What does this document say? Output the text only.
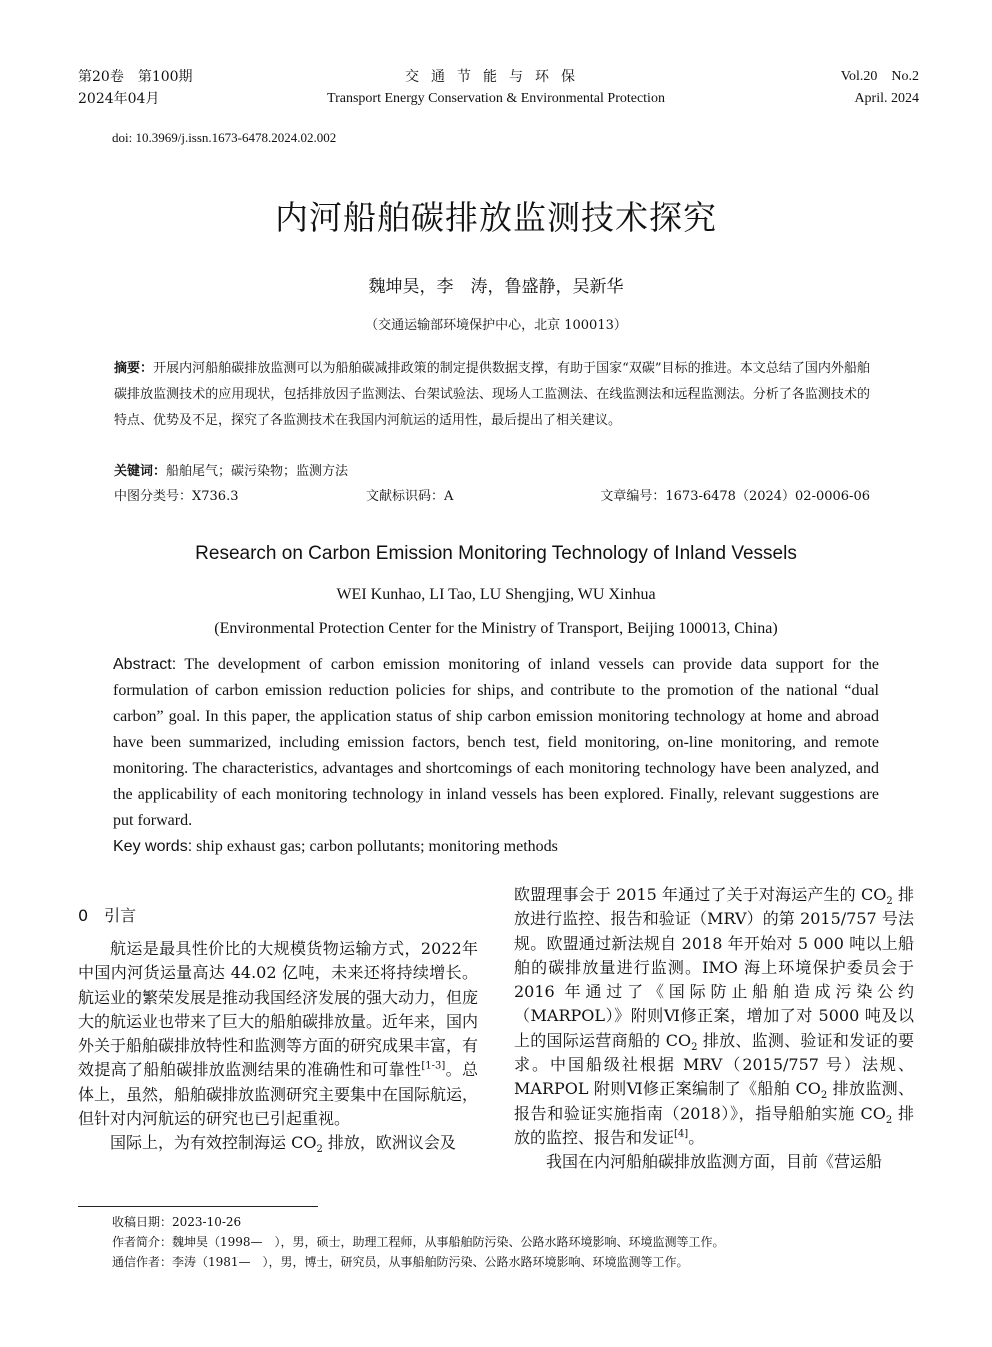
第20卷　第100期
2024年04月
交通节能与环保
Transport Energy Conservation & Environmental Protection
Vol.20　No.2
April. 2024
doi: 10.3969/j.issn.1673-6478.2024.02.002
内河船舶碳排放监测技术探究
魏坤昊，李　涛，鲁盛静，吴新华
（交通运输部环境保护中心，北京 100013）
摘要：开展内河船舶碳排放监测可以为船舶碳减排政策的制定提供数据支撑，有助于国家“双碳”目标的推进。本文总结了国内外船舶碳排放监测技术的应用现状，包括排放因子监测法、台架试验法、现场人工监测法、在线监测法和远程监测法。分析了各监测技术的特点、优势及不足，探究了各监测技术在我国内河航运的适用性，最后提出了相关建议。
关键词：船舶尾气；碳污染物；监测方法
中图分类号：X736.3	文献标识码：A	文章编号：1673-6478（2024）02-0006-06
Research on Carbon Emission Monitoring Technology of Inland Vessels
WEI Kunhao, LI Tao, LU Shengjing, WU Xinhua
(Environmental Protection Center for the Ministry of Transport, Beijing 100013, China)
Abstract: The development of carbon emission monitoring of inland vessels can provide data support for the formulation of carbon emission reduction policies for ships, and contribute to the promotion of the national “dual carbon” goal. In this paper, the application status of ship carbon emission monitoring technology at home and abroad have been summarized, including emission factors, bench test, field monitoring, on-line monitoring, and remote monitoring. The characteristics, advantages and shortcomings of each monitoring technology have been analyzed, and the applicability of each monitoring technology in inland vessels has been explored. Finally, relevant suggestions are put forward.
Key words: ship exhaust gas; carbon pollutants; monitoring methods
0　引言

航运是最具性价比的大规模货物运输方式，2022年中国内河货运量高达 44.02 亿吨，未来还将持续增长。航运业的繁荣发展是推动我国经济发展的强大动力，但庞大的航运业也带来了巨大的船舶碳排放量。近年来，国内外关于船舶碳排放特性和监测等方面的研究成果丰富，有效提高了船舶碳排放监测结果的准确性和可靠性[1-3]。总体上，虽然，船舶碳排放监测研究主要集中在国际航运，但针对内河航运的研究也已引起重视。

国际上，为有效控制海运 $CO_2$ 排放，欧洲议会及

欧盟理事会于 2015 年通过了关于对海运产生的 $CO_2$ 排放进行监控、报告和验证（MRV）的第 2015/757 号法规。欧盟通过新法规自 2018 年开始对 5 000 吨以上船舶的碳排放量进行监测。IMO 海上环境保护委员会于 2016 年通过了《国际防止船舶造成污染公约（MARPOL）》附则Ⅵ修正案，增加了对 5000 吨及以上的国际运营商船的 $CO_2$ 排放、监测、验证和发证的要求。中国船级社根据 MRV（2015/757 号）法规、MARPOL 附则Ⅵ修正案编制了《船舶 $CO_2$ 排放监测、报告和验证实施指南（2018）》，指导船舶实施 $CO_2$ 排放的监控、报告和发证[4]。

我国在内河船舶碳排放监测方面，目前《营运船

收稿日期：2023-10-26
作者简介：魏坤昊（1998—　），男，硕士，助理工程师，从事船舶防污染、公路水路环境影响、环境监测等工作。
通信作者：李涛（1981—　），男，博士，研究员，从事船舶防污染、公路水路环境影响、环境监测等工作。
